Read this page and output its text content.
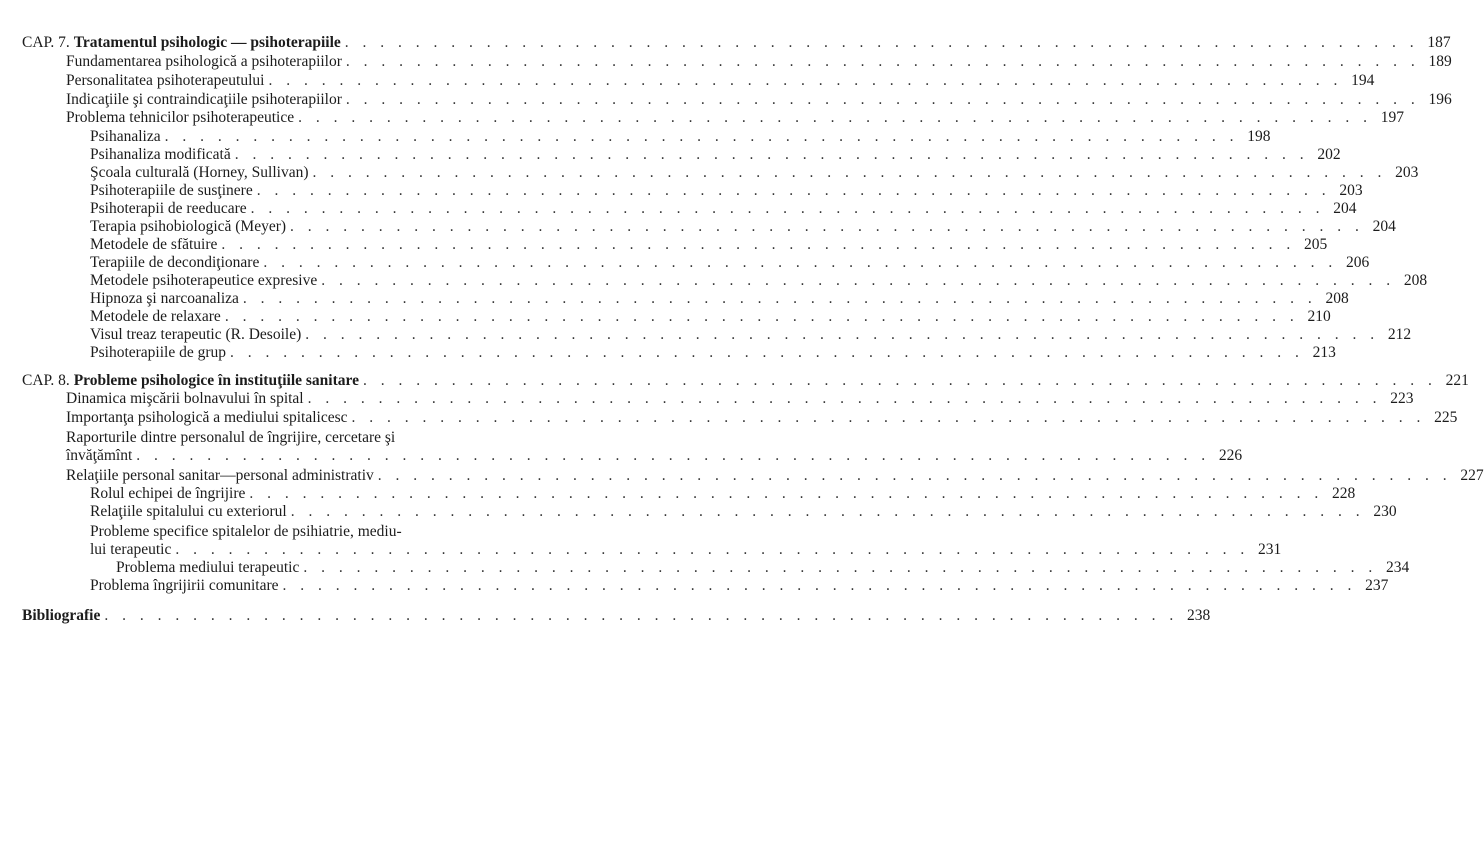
CAP. 7. Tratamentul psihologic — psihoterapiile . . . . . . . . . . . . . . . . . . . . . . . . . . . . . . . . . . . . . . . . . . . . . . . . . . . . . . . . . . . . . 187
Fundamentarea psihologică a psihoterapiilor . . . . . . . . . . . . . . . . . . . . . . . . . . . . . . . . . . . . . . . . . . . . . . . . . . . . . . . . . . . . . 189
Personalitatea psihoterapeutului . . . . . . . . . . . . . . . . . . . . . . . . . . . . . . . . . . . . . . . . . . . . . . . . . . . . . . . . . . . . . 194
Indicaţiile şi contraindicaţiile psihoterapiilor . . . . . . . . . . . . . . . . . . . . . . . . . . . . . . . . . . . . . . . . . . . . . . . . . . . . . . . . . . . . . 196
Problema tehnicilor psihoterapeutice . . . . . . . . . . . . . . . . . . . . . . . . . . . . . . . . . . . . . . . . . . . . . . . . . . . . . . . . . . . . . 197
Psihanaliza . . . . . . . . . . . . . . . . . . . . . . . . . . . . . . . . . . . . . . . . . . . . . . . . . . . . . . . . . . . . . 198
Psihanaliza modificată . . . . . . . . . . . . . . . . . . . . . . . . . . . . . . . . . . . . . . . . . . . . . . . . . . . . . . . . . . . . . 202
Şcoala culturală (Horney, Sullivan) . . . . . . . . . . . . . . . . . . . . . . . . . . . . . . . . . . . . . . . . . . . . . . . . . . . . . . . . . . . . . 203
Psihoterapiile de susţinere . . . . . . . . . . . . . . . . . . . . . . . . . . . . . . . . . . . . . . . . . . . . . . . . . . . . . . . . . . . . . 203
Psihoterapii de reeducare . . . . . . . . . . . . . . . . . . . . . . . . . . . . . . . . . . . . . . . . . . . . . . . . . . . . . . . . . . . . . 204
Terapia psihobiologică (Meyer) . . . . . . . . . . . . . . . . . . . . . . . . . . . . . . . . . . . . . . . . . . . . . . . . . . . . . . . . . . . . . 204
Metodele de sfătuire . . . . . . . . . . . . . . . . . . . . . . . . . . . . . . . . . . . . . . . . . . . . . . . . . . . . . . . . . . . . . 205
Terapiile de decondiţionare . . . . . . . . . . . . . . . . . . . . . . . . . . . . . . . . . . . . . . . . . . . . . . . . . . . . . . . . . . . . . 206
Metodele psihoterapeutice expresive . . . . . . . . . . . . . . . . . . . . . . . . . . . . . . . . . . . . . . . . . . . . . . . . . . . . . . . . . . . . . 208
Hipnoza şi narcoanaliza . . . . . . . . . . . . . . . . . . . . . . . . . . . . . . . . . . . . . . . . . . . . . . . . . . . . . . . . . . . . . 208
Metodele de relaxare . . . . . . . . . . . . . . . . . . . . . . . . . . . . . . . . . . . . . . . . . . . . . . . . . . . . . . . . . . . . . 210
Visul treaz terapeutic (R. Desoile) . . . . . . . . . . . . . . . . . . . . . . . . . . . . . . . . . . . . . . . . . . . . . . . . . . . . . . . . . . . . . 212
Psihoterapiile de grup . . . . . . . . . . . . . . . . . . . . . . . . . . . . . . . . . . . . . . . . . . . . . . . . . . . . . . . . . . . . . 213
CAP. 8. Probleme psihologice în instituţiile sanitare . . . . . . . . . . . . . . . . . . . . . . . . . . . . . . . . . . . . . . . . . . . . . . . . . . . . . . . . . . . . . 221
Dinamica mişcării bolnavului în spital . . . . . . . . . . . . . . . . . . . . . . . . . . . . . . . . . . . . . . . . . . . . . . . . . . . . . . . . . . . . . 223
Importanţa psihologică a mediului spitalicesc . . . . . . . . . . . . . . . . . . . . . . . . . . . . . . . . . . . . . . . . . . . . . . . . . . . . . . . . . . . . . 225
învăţămînt . . . . . . . . . . . . . . . . . . . . . . . . . . . . . . . . . . . . . . . . . . . . . . . . . . . . . . . . . . . . . 226
Relaţiile personal sanitar—personal administrativ . . . . . . . . . . . . . . . . . . . . . . . . . . . . . . . . . . . . . . . . . . . . . . . . . . . . . . . . . . . . . 227
Rolul echipei de îngrijire . . . . . . . . . . . . . . . . . . . . . . . . . . . . . . . . . . . . . . . . . . . . . . . . . . . . . . . . . . . . . 228
Relaţiile spitalului cu exteriorul . . . . . . . . . . . . . . . . . . . . . . . . . . . . . . . . . . . . . . . . . . . . . . . . . . . . . . . . . . . . . 230
lui terapeutic . . . . . . . . . . . . . . . . . . . . . . . . . . . . . . . . . . . . . . . . . . . . . . . . . . . . . . . . . . . . . 231
Problema mediului terapeutic . . . . . . . . . . . . . . . . . . . . . . . . . . . . . . . . . . . . . . . . . . . . . . . . . . . . . . . . . . . . . 234
Problema îngrijirii comunitare . . . . . . . . . . . . . . . . . . . . . . . . . . . . . . . . . . . . . . . . . . . . . . . . . . . . . . . . . . . . . 237
Bibliografie . . . . . . . . . . . . . . . . . . . . . . . . . . . . . . . . . . . . . . . . . . . . . . . . . . . . . . . . . . . . . 238
Raporturile dintre personalul de îngrijire, cercetare şi
Probleme specifice spitalelor de psihiatrie, mediu-
